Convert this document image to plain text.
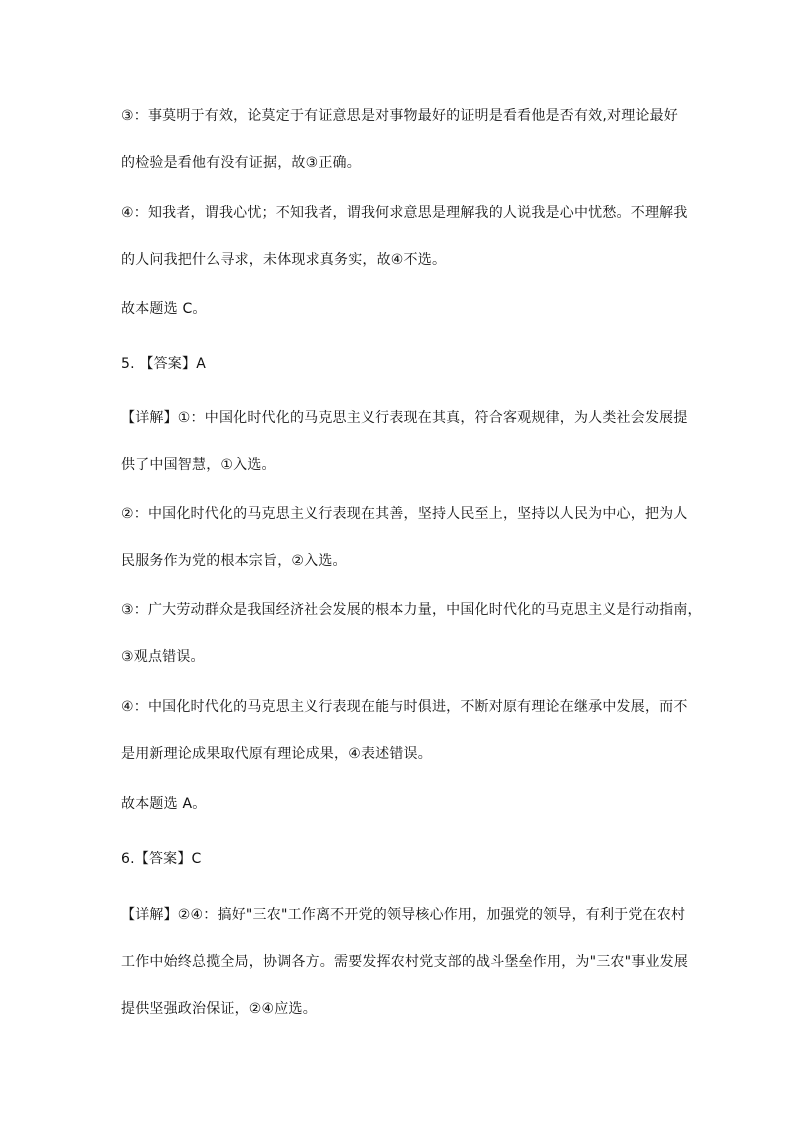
③：事莫明于有效，论莫定于有证意思是对事物最好的证明是看看他是否有效,对理论最好
的检验是看他有没有证据，故③正确。
④：知我者，谓我心忧；不知我者，谓我何求意思是理解我的人说我是心中忧愁。不理解我
的人问我把什么寻求，未体现求真务实，故④不选。
故本题选 C。
5. 【答案】A
【详解】①：中国化时代化的马克思主义行表现在其真，符合客观规律，为人类社会发展提
供了中国智慧，①入选。
②：中国化时代化的马克思主义行表现在其善，坚持人民至上，坚持以人民为中心，把为人
民服务作为党的根本宗旨，②入选。
③：广大劳动群众是我国经济社会发展的根本力量，中国化时代化的马克思主义是行动指南，
③观点错误。
④：中国化时代化的马克思主义行表现在能与时俱进，不断对原有理论在继承中发展，而不
是用新理论成果取代原有理论成果，④表述错误。
故本题选 A。
6.【答案】C
【详解】②④：搞好"三农"工作离不开党的领导核心作用，加强党的领导，有利于党在农村
工作中始终总揽全局，协调各方。需要发挥农村党支部的战斗堡垒作用，为"三农"事业发展
提供坚强政治保证，②④应选。
